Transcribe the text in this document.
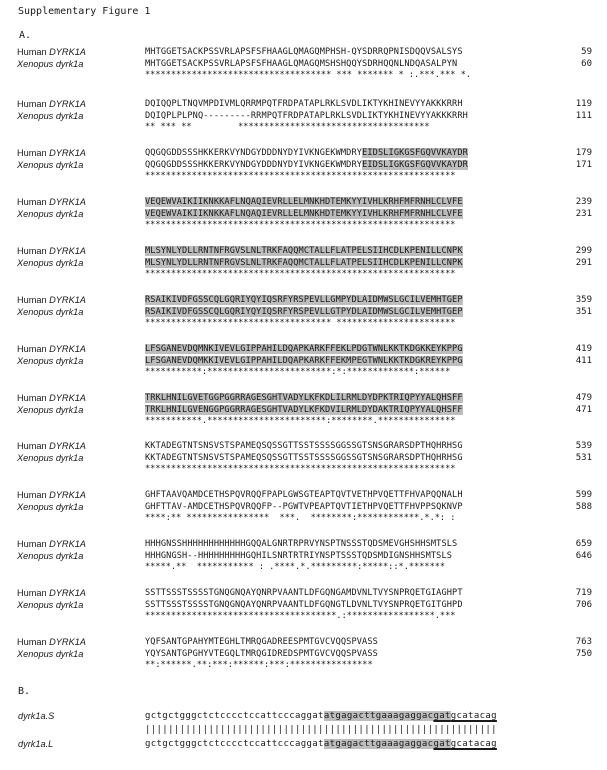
Supplementary Figure 1
A.
Human DYRK1A	MHTGGETSACKPSSVRLAPSFSFHAAGLQMAGQMPHSH-QYSDRRQPNISDQQVSALSYS	59
Xenopus dyrk1a	MHTGGETSACKPSSVRLAPSFSFHAAGLQMAGQMSHSHQQYSDRHQQNLNDQASALPYN	60
************************************ *** ******* * :.***.*** *.
Human DYRK1A	DQIQQPLTNQVMPDIVMLQRRMPQTFRDPATAPLRKLSVDLIKTYKHINEVYYAKKKRRH	119
Xenopus dyrk1a	DQIQPLPLPNQ---------RRMPQTFRDPATAPLRKLSVDLIKTYKHINEVYYAKKKRRH	111
** *** **         *************************************
Human DYRK1A	QQGQGDDSSSHKKERKVYNDGYDDDNYDYIVKNGEKWMDRYEIDSLIGKGSFGQVVKAYDR	179
Xenopus dyrk1a	QQGQGDDSSSHKKERKVYNDGYDDDNYDYIVKNGEKWMDRYEIDSLIGKGSFGQVVKAYDR	171
************************************************************
Human DYRK1A	VEQEWVAIKIIKNKKAFLNQAQIEVRLLELMNKHDTEMKYYIVHLKRHFMFRNHLCLVFE	239
Xenopus dyrk1a	VEQEWVAIKIIKNKKAFLNQAQIEVRLLELMNKHDTEMKYYIVHLKRHFMFRNHLCLVFE	231
************************************************************
Human DYRK1A	MLSYNLYDLLRNTNFRGVSLNLTRKFAQQMCTALLFLATPELSIIHCDLKPENILLCNPK	299
Xenopus dyrk1a	MLSYNLYDLLRNTNFRGVSLNLTRKFAQQMCTALLFLATPELSIIHCDLKPENILLCNPK	291
************************************************************
Human DYRK1A	RSAIKIVDFGSSCQLGQRIYQYIQSRFYRSPEVLLGMPYDLAIDMWSLGCILVEMHTGEP	359
Xenopus dyrk1a	RSAIKIVDFGSSCQLGQRIYQYIQSRFYRSPEVLLGTPYDLAIDMWSLGCILVEMHTGEP	351
************************************ ***********************
Human DYRK1A	LFSGANEVDQMNKIVEVLGIPPAHILDQAPKARKFFEKLPDGTWNLKKTKDGKKEYKPPG	419
Xenopus dyrk1a	LFSGANEVDQMKKIVEVLGIPPAHILDQAPKARKFFEKMPEGTWNLKKTKDGKREYKPPG	411
***********:************************:*:*************:******
Human DYRK1A	TRKLHNILGVETGGPGGRRAGESGHTVADYLKFKDLILRMLDYDPKTRIQPYYALQHSFF	479
Xenopus dyrk1a	TRKLHNILGVENGGPGGRRAGESGHTVADYLKFKDVILRMLDYDAKTRIQPYYALQHSFF	471
***********.***********************:********.***************
Human DYRK1A	KKTADEGTNTSNSVSTSPAMEQSQSSGTTSSTSSSSGGSSGTSNSGRARSDPTHQHRHSG	539
Xenopus dyrk1a	KKTADEGTNTSNSVSTSPAMEQSQSSGTTSSTSSSSGGSSGTSNSGRARSDPTHQHRHSG	531
************************************************************
Human DYRK1A	GHFTAAVQAMDCETHSPQVRQQFPAPLGWSGTEAPTQVTVETHPVQETTFHVAPQQNALH	599
Xenopus dyrk1a	GHFTTAV-AMDCETHSPQVRQQFP--PGWTVPEAPTQVTIETHPVQETTFHVPPSQKNVP	588
****:** ****************  ***.  ********:************.*.*: :
Human DYRK1A	HHHGNSSHHHHHHHHHHHHGQQALGNRTRPRVYNSPTNSSSTQDSMEVGHSHHSMTSLS	659
Xenopus dyrk1a	HHHGNGSH--HHHHHHHHHGQHILSNRTRTRIYNSPTSSSTQDSMDIGNSHHSMTSLS	646
*****.**  *********** : .****.*.*********:*****::*.*******
Human DYRK1A	SSTTSSSTSSSSTGNQGNQAYQNRPVAANTLDFGQNGAMDVNLTVYSNPRQETGIAGHPT	719
Xenopus dyrk1a	SSTTSSSTSSSSTGNQGNQAYQNRPVAANTLDFGQNGTLDVNLTVYSNPRQETGITGHPD	706
*************************************.:*****************.***
Human DYRK1A	YQFSANTGPAHYMTEGHLTMRQGADREESPMTGVCVQQSPVASS	763
Xenopus dyrk1a	YQYSANTGPGHYVTEGQLTMRQGIDREDSPMTGVCVQQSPVASS	750
**:******.**:***:******:***:****************
B.
dyrk1a.S	gctgctgggctctcccctccattcccaggatatgagacttgaaagaggacgatgcatacag
|||||||||||||||||||||||||||||||||||||||||||||||||||||||||||||
dyrk1a.L	gctgctgggctctcccctccattcccaggatatgagacttgaaagaggacgatgcatacag
